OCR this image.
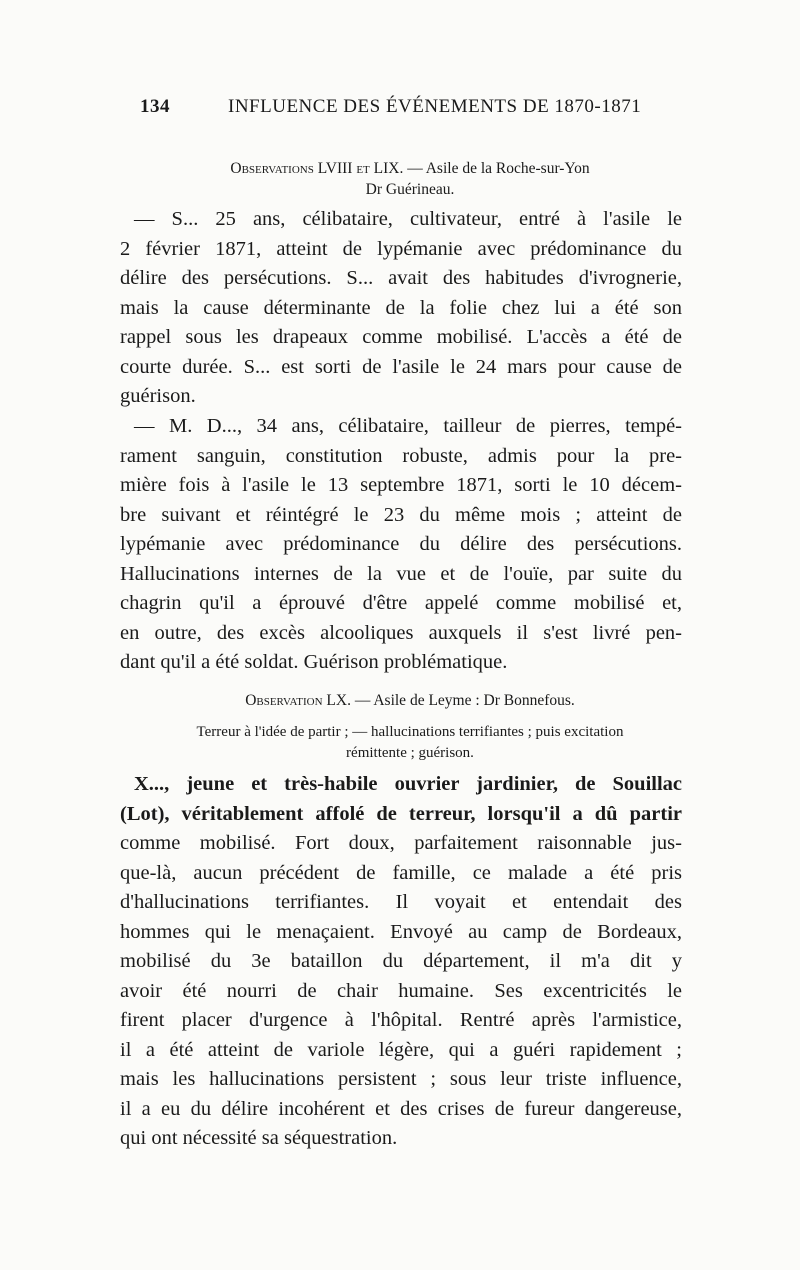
134	INFLUENCE DES ÉVÉNEMENTS DE 1870-1871
Observations LVIII et LIX. — Asile de la Roche-sur-Yon
Dr Guérineau.
— S... 25 ans, célibataire, cultivateur, entré à l'asile le
2 février 1871, atteint de lypémanie avec prédominance du
délire des persécutions. S... avait des habitudes d'ivrognerie,
mais la cause déterminante de la folie chez lui a été son
rappel sous les drapeaux comme mobilisé. L'accès a été de
courte durée. S... est sorti de l'asile le 24 mars pour cause de
guérison.
— M. D..., 34 ans, célibataire, tailleur de pierres, tempé-
rament sanguin, constitution robuste, admis pour la pre-
mière fois à l'asile le 13 septembre 1871, sorti le 10 décem-
bre suivant et réintégré le 23 du même mois ; atteint de
lypémanie avec prédominance du délire des persécutions.
Hallucinations internes de la vue et de l'ouïe, par suite du
chagrin qu'il a éprouvé d'être appelé comme mobilisé et,
en outre, des excès alcooliques auxquels il s'est livré pen-
dant qu'il a été soldat. Guérison problématique.
Observation LX. — Asile de Leyme : Dr Bonnefous.
Terreur à l'idée de partir ; — hallucinations terrifiantes ; puis excitation
rémittente ; guérison.
X..., jeune et très-habile ouvrier jardinier, de Souillac
(Lot), véritablement affolé de terreur, lorsqu'il a dû partir
comme mobilisé. Fort doux, parfaitement raisonnable jus-
que-là, aucun précédent de famille, ce malade a été pris
d'hallucinations terrifiantes. Il voyait et entendait des
hommes qui le menaçaient. Envoyé au camp de Bordeaux,
mobilisé du 3e bataillon du département, il m'a dit y
avoir été nourri de chair humaine. Ses excentricités le
firent placer d'urgence à l'hôpital. Rentré après l'armistice,
il a été atteint de variole légère, qui a guéri rapidement ;
mais les hallucinations persistent ; sous leur triste influence,
il a eu du délire incohérent et des crises de fureur dangereuse,
qui ont nécessité sa séquestration.
